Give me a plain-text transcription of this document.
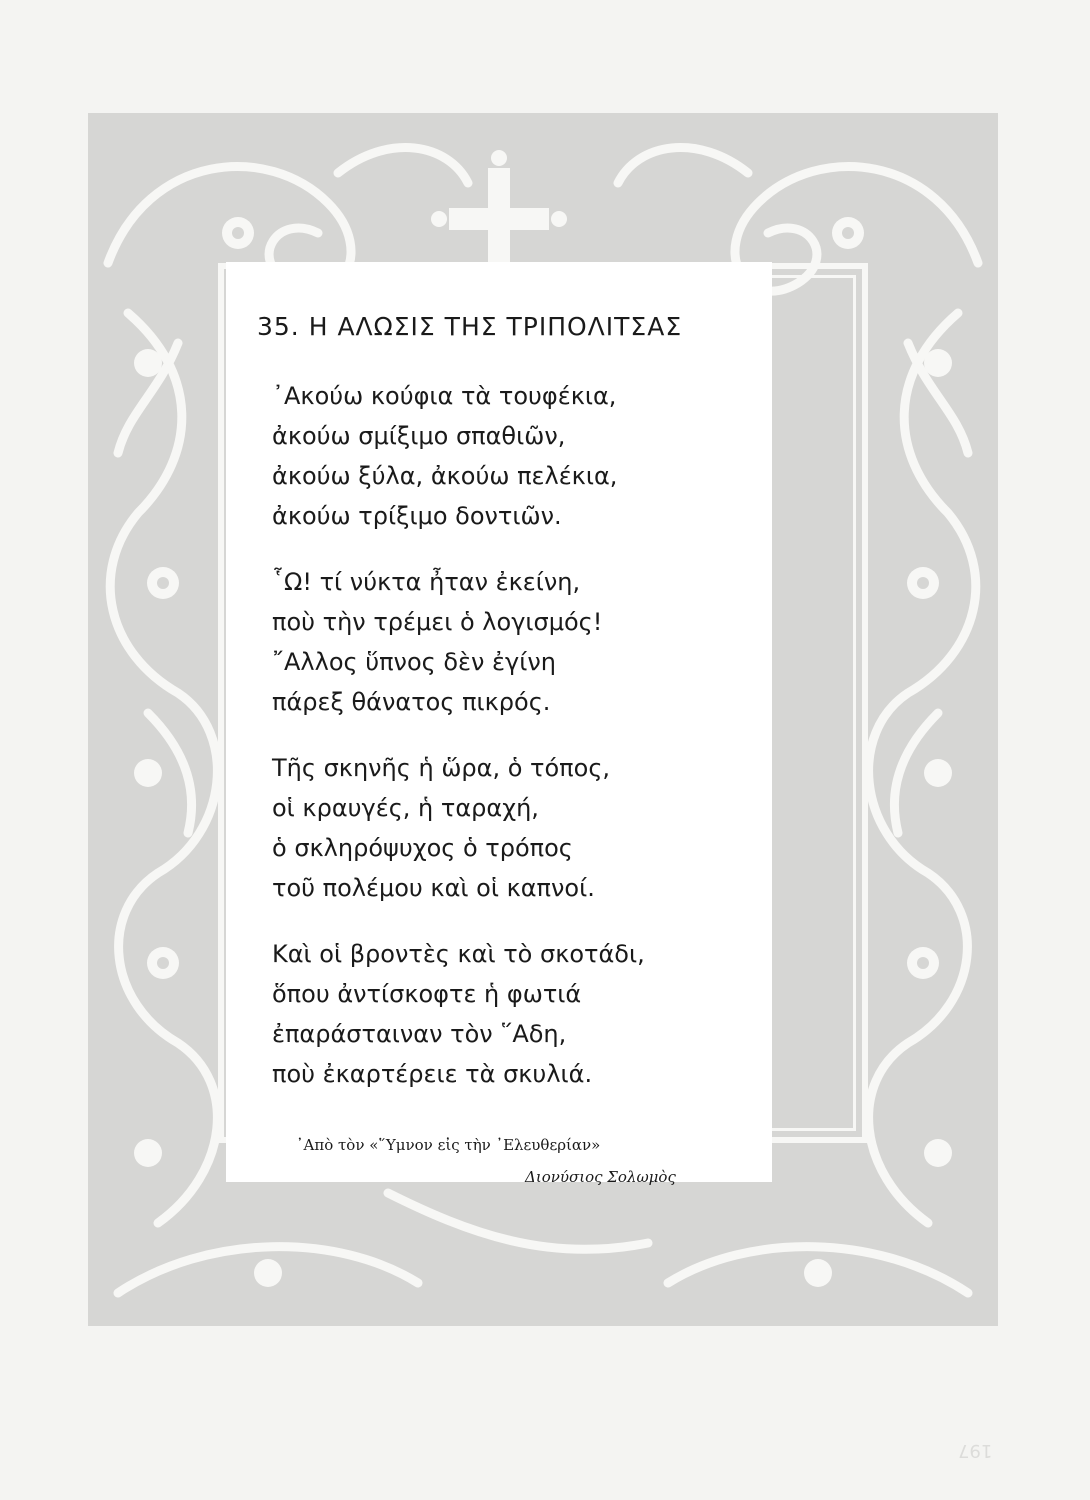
35. Η ΑΛΩΣΙΣ ΤΗΣ ΤΡΙΠΟΛΙΤΣΑΣ
᾿Ακούω κούφια τὰ τουφέκια,
ἀκούω σμίξιμο σπαθιῶν,
ἀκούω ξύλα, ἀκούω πελέκια,
ἀκούω τρίξιμο δοντιῶν.
῟Ω! τί νύκτα ἦταν ἐκείνη,
ποὺ τὴν τρέμει ὁ λογισμός!
῎Αλλος ὕπνος δὲν ἐγίνη
πάρεξ θάνατος πικρός.
Τῆς σκηνῆς ἡ ὥρα, ὁ τόπος,
οἱ κραυγές, ἡ ταραχή,
ὁ σκληρόψυχος ὁ τρόπος
τοῦ πολέμου καὶ οἱ καπνοί.
Καὶ οἱ βροντὲς καὶ τὸ σκοτάδι,
ὅπου ἀντίσκοφτε ἡ φωτιά
ἐπαράσταιναν τὸν ῞Αδη,
ποὺ ἐκαρτέρειε τὰ σκυλιά.
᾿Απὸ τὸν «῞Υμνον εἰς τὴν ᾿Ελευθερίαν»
Διονύσιος Σολωμὸς
197
